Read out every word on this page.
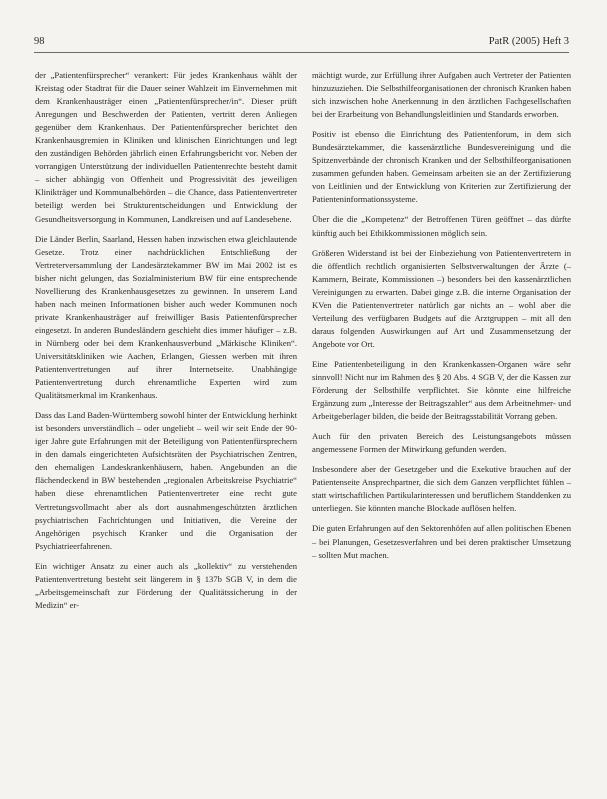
98	PatR (2005) Heft 3

der „Patientenfürsprecher“ verankert: Für jedes Krankenhaus wählt der Kreistag oder Stadtrat für die Dauer seiner Wahlzeit im Einvernehmen mit dem Krankenhausträger einen „Patientenfürsprecher/in“. Dieser prüft Anregungen und Beschwerden der Patienten, vertritt deren Anliegen gegenüber dem Krankenhaus. Der Patientenfürsprecher berichtet den Krankenhausgremien in Kliniken und klinischen Einrichtungen und legt den zuständigen Behörden jährlich einen Erfahrungsbericht vor. Neben der vorrangigen Unterstützung der individuellen Patientenrechte besteht damit – sicher abhängig von Offenheit und Progressivität des jeweiligen Klinikträger und Kommunalbehörden – die Chance, dass Patientenvertreter beteiligt werden bei Strukturentscheidungen und Entwicklung der Gesundheitsversorgung in Kommunen, Landkreisen und auf Landesebene.

Die Länder Berlin, Saarland, Hessen haben inzwischen etwa gleichlautende Gesetze. Trotz einer nachdrücklichen Entschließung der Vertreterversammlung der Landesärztekammer BW im Mai 2002 ist es bisher nicht gelungen, das Sozialministerium BW für eine entsprechende Novellierung des Krankenhausgesetzes zu gewinnen. In unserem Land haben nach meinen Informationen bisher auch weder Kommunen noch private Krankenhausträger auf freiwilliger Basis Patientenfürsprecher eingesetzt. In anderen Bundesländern geschieht dies immer häufiger – z.B. in Nürnberg oder bei dem Krankenhausverbund „Märkische Kliniken“. Universitätskliniken wie Aachen, Erlangen, Giessen werben mit ihren Patientenvertretungen auf ihrer Internetseite. Unabhängige Patientenvertretung durch ehrenamtliche Experten wird zum Qualitätsmerkmal im Krankenhaus.

Dass das Land Baden-Württemberg sowohl hinter der Entwicklung herhinkt ist besonders unverständlich – oder ungeliebt – weil wir seit Ende der 90-iger Jahre gute Erfahrungen mit der Beteiligung von Patientenfürsprechern in den damals eingerichteten Aufsichtsräten der Psychiatrischen Zentren, den ehemaligen Landeskrankenhäusern, haben. Angebunden an die flächendeckend in BW bestehenden „regionalen Arbeitskreise Psychiatrie“ haben diese ehrenamtlichen Patientenvertreter eine recht gute Vertretungsvollmacht aber als dort ausnahmengeschützten ärztlichen psychiatrischen Fachrichtungen und Initiativen, die Vereine der Angehörigen psychisch Kranker und die Organisation der Psychiatrieerfahrenen.

Ein wichtiger Ansatz zu einer auch als „kollektiv“ zu verstehenden Patientenvertretung besteht seit längerem in § 137b SGB V, in dem die „Arbeitsgemeinschaft zur Förderung der Qualitätssicherung in der Medizin“ er-

mächtigt wurde, zur Erfüllung ihrer Aufgaben auch Vertreter der Patienten hinzuzuziehen. Die Selbsthilfeorganisationen der chronisch Kranken haben sich inzwischen hohe Anerkennung in den ärztlichen Fachgesellschaften bei der Erarbeitung von Behandlungsleitlinien und Standards erworben.

Positiv ist ebenso die Einrichtung des Patientenforum, in dem sich Bundesärztekammer, die kassenärztliche Bundesvereinigung und die Spitzenverbände der chronisch Kranken und der Selbsthilfeorganisationen zusammen gefunden haben. Gemeinsam arbeiten sie an der Zertifizierung von Leitlinien und der Entwicklung von Kriterien zur Zertifizierung der Patienteninformationssysteme.

Über die die „Kompetenz“ der Betroffenen Türen geöffnet – das dürfte künftig auch bei Ethikkommissionen möglich sein.

Größeren Widerstand ist bei der Einbeziehung von Patientenvertretern in die öffentlich rechtlich organisierten Selbstverwaltungen der Ärzte (– Kammern, Beirate, Kommissionen –) besonders bei den kassenärztlichen Vereinigungen zu erwarten. Dabei ginge z.B. die interne Organisation der KVen die Patientenvertreter natürlich gar nichts an – wohl aber die Verteilung des verfügbaren Budgets auf die Arztgruppen – mit all den daraus folgenden Auswirkungen auf Art und Zusammensetzung der Angebote vor Ort.

Eine Patientenbeteiligung in den Krankenkassen-Organen wäre sehr sinnvoll! Nicht nur im Rahmen des § 20 Abs. 4 SGB V, der die Kassen zur Förderung der Selbsthilfe verpflichtet. Sie könnte eine hilfreiche Ergänzung zum „Interesse der Beitragszahler“ aus dem Arbeitnehmer- und Arbeitgeberlager bilden, die beide der Beitragsstabilität Vorrang geben.

Auch für den privaten Bereich des Leistungsangebots müssen angemessene Formen der Mitwirkung gefunden werden.

Insbesondere aber der Gesetzgeber und die Exekutive brauchen auf der Patientenseite Ansprechpartner, die sich dem Ganzen verpflichtet fühlen – statt wirtschaftlichen Partikularinteressen und beruflichem Standdenken zu unterliegen. Sie könnten manche Blockade auflösen helfen.

Die guten Erfahrungen auf den Sektorenhöfen auf allen politischen Ebenen – bei Planungen, Gesetzesverfahren und bei deren praktischer Umsetzung – sollten Mut machen.
